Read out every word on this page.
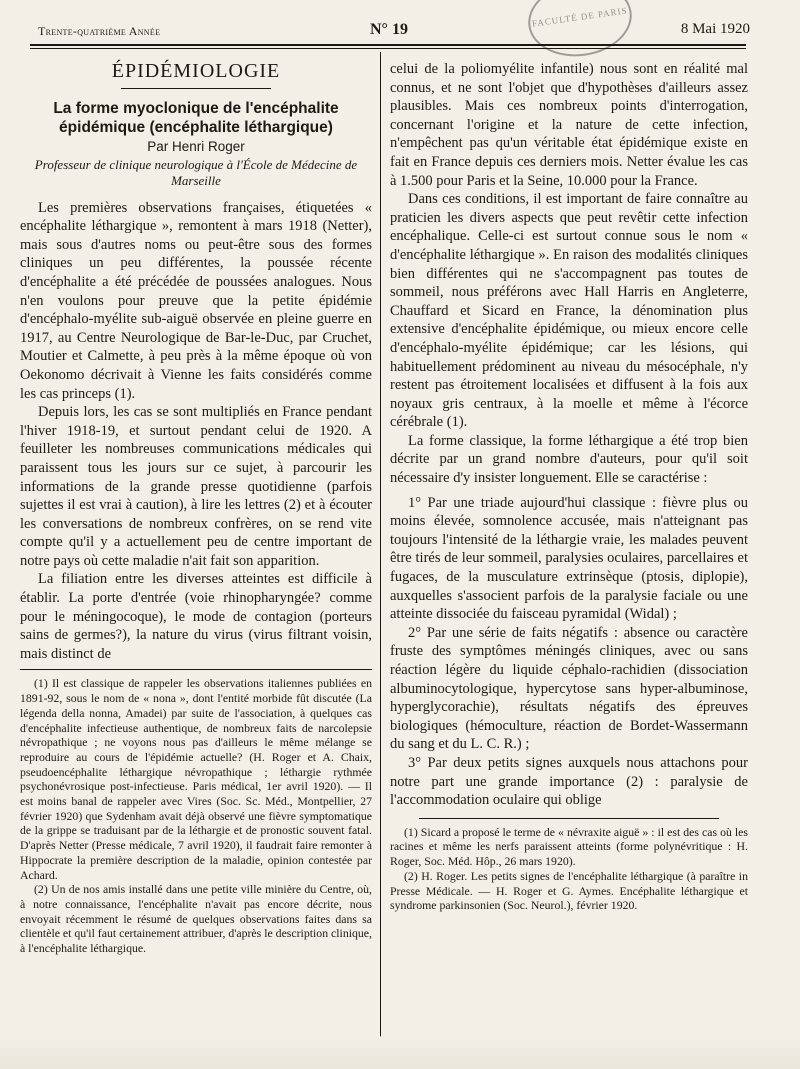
FACULTÉ DE PARIS
Trente-quatrième Année	N° 19	8 Mai 1920
ÉPIDÉMIOLOGIE
La forme myoclonique de l'encéphalite épidémique (encéphalite léthargique)
Par Henri Roger
Professeur de clinique neurologique à l'École de Médecine de Marseille

Les premières observations françaises, étiquetées « encéphalite léthargique », remontent à mars 1918 (Netter), mais sous d'autres noms ou peut-être sous des formes cliniques un peu différentes, la poussée récente d'encéphalite a été précédée de poussées analogues. Nous n'en voulons pour preuve que la petite épidémie d'encéphalo-myélite sub-aiguë observée en pleine guerre en 1917, au Centre Neurologique de Bar-le-Duc, par Cruchet, Moutier et Calmette, à peu près à la même époque où von Oekonomo décrivait à Vienne les faits considérés comme les cas princeps (1).

Depuis lors, les cas se sont multipliés en France pendant l'hiver 1918-19, et surtout pendant celui de 1920. A feuilleter les nombreuses communications médicales qui paraissent tous les jours sur ce sujet, à parcourir les informations de la grande presse quotidienne (parfois sujettes il est vrai à caution), à lire les lettres (2) et à écouter les conversations de nombreux confrères, on se rend vite compte qu'il y a actuellement peu de centre important de notre pays où cette maladie n'ait fait son apparition.

La filiation entre les diverses atteintes est difficile à établir. La porte d'entrée (voie rhinopharyngée? comme pour le méningocoque), le mode de contagion (porteurs sains de germes?), la nature du virus (virus filtrant voisin, mais distinct de

(1) Il est classique de rappeler les observations italiennes publiées en 1891-92, sous le nom de « nona », dont l'entité morbide fût discutée (La légenda della nonna, Amadei) par suite de l'association, à quelques cas d'encéphalite infectieuse authentique, de nombreux faits de narcolepsie névropathique ; ne voyons nous pas d'ailleurs le même mélange se reproduire au cours de l'épidémie actuelle? (H. Roger et A. Chaix, pseudoencéphalite léthargique névropathique ; léthargie rythmée psychonévrosique post-infectieuse. Paris médical, 1er avril 1920). — Il est moins banal de rappeler avec Vires (Soc. Sc. Méd., Montpellier, 27 février 1920) que Sydenham avait déjà observé une fièvre symptomatique de la grippe se traduisant par de la léthargie et de pronostic souvent fatal. D'après Netter (Presse médicale, 7 avril 1920), il faudrait faire remonter à Hippocrate la première description de la maladie, opinion contestée par Achard.

(2) Un de nos amis installé dans une petite ville minière du Centre, où, à notre connaissance, l'encéphalite n'avait pas encore décrite, nous envoyait récemment le résumé de quelques observations faites dans sa clientèle et qu'il faut certainement attribuer, d'après le description clinique, à l'encéphalite léthargique.

celui de la poliomyélite infantile) nous sont en réalité mal connus, et ne sont l'objet que d'hypothèses d'ailleurs assez plausibles. Mais ces nombreux points d'interrogation, concernant l'origine et la nature de cette infection, n'empêchent pas qu'un véritable état épidémique existe en fait en France depuis ces derniers mois. Netter évalue les cas à 1.500 pour Paris et la Seine, 10.000 pour la France.

Dans ces conditions, il est important de faire connaître au praticien les divers aspects que peut revêtir cette infection encéphalique. Celle-ci est surtout connue sous le nom « d'encéphalite léthargique ». En raison des modalités cliniques bien différentes qui ne s'accompagnent pas toutes de sommeil, nous préférons avec Hall Harris en Angleterre, Chauffard et Sicard en France, la dénomination plus extensive d'encéphalite épidémique, ou mieux encore celle d'encéphalo-myélite épidémique; car les lésions, qui habituellement prédominent au niveau du mésocéphale, n'y restent pas étroitement localisées et diffusent à la fois aux noyaux gris centraux, à la moelle et même à l'écorce cérébrale (1).

La forme classique, la forme léthargique a été trop bien décrite par un grand nombre d'auteurs, pour qu'il soit nécessaire d'y insister longuement. Elle se caractérise :

1° Par une triade aujourd'hui classique : fièvre plus ou moins élevée, somnolence accusée, mais n'atteignant pas toujours l'intensité de la léthargie vraie, les malades peuvent être tirés de leur sommeil, paralysies oculaires, parcellaires et fugaces, de la musculature extrinsèque (ptosis, diplopie), auxquelles s'associent parfois de la paralysie faciale ou une atteinte dissociée du faisceau pyramidal (Widal) ;

2° Par une série de faits négatifs : absence ou caractère fruste des symptômes méningés cliniques, avec ou sans réaction légère du liquide céphalo-rachidien (dissociation albuminocytologique, hypercytose sans hyper-albuminose, hyperglycorachie), résultats négatifs des épreuves biologiques (hémoculture, réaction de Bordet-Wassermann du sang et du L. C. R.) ;

3° Par deux petits signes auxquels nous attachons pour notre part une grande importance (2) : paralysie de l'accommodation oculaire qui oblige

(1) Sicard a proposé le terme de « névraxite aiguë » : il est des cas où les racines et même les nerfs paraissent atteints (forme polynévritique : H. Roger, Soc. Méd. Hôp., 26 mars 1920).

(2) H. Roger. Les petits signes de l'encéphalite léthargique (à paraître in Presse Médicale. — H. Roger et G. Aymes. Encéphalite léthargique et syndrome parkinsonien (Soc. Neurol.), février 1920.
